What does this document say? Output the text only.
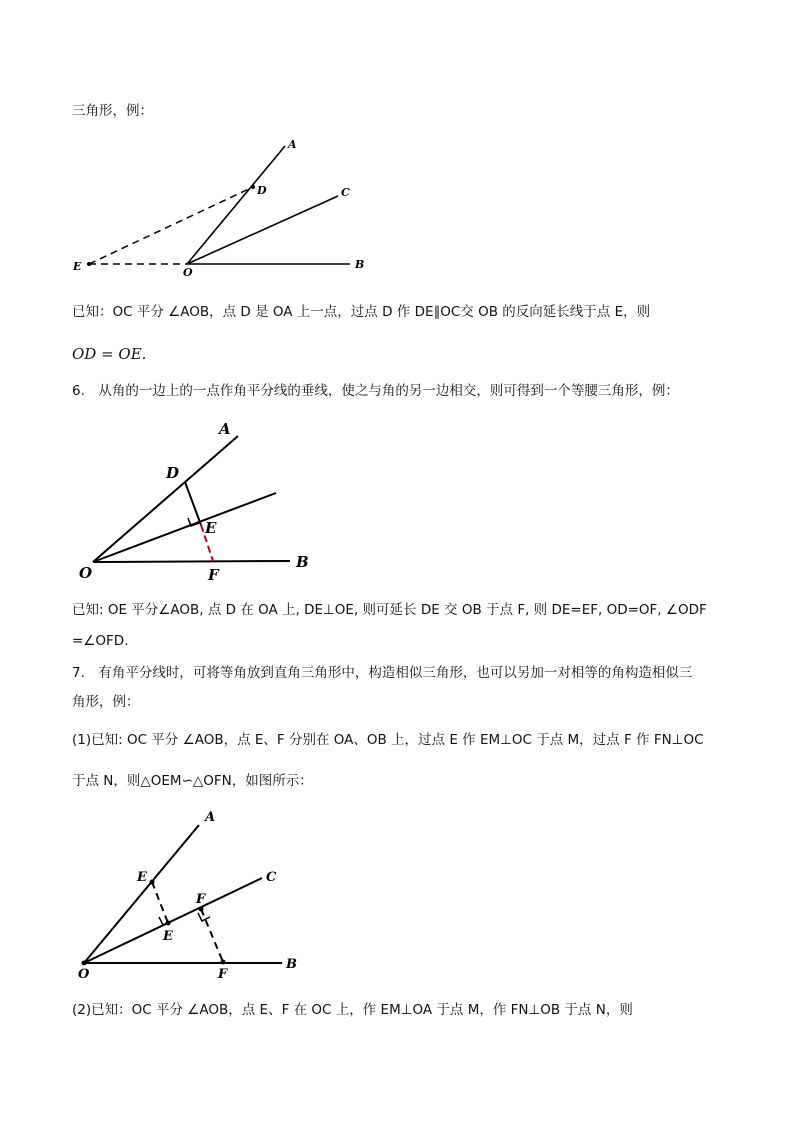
三角形，例：
A
C
D
B
E	O
已知：OC 平分 ∠AOB，点 D 是 OA 上一点，过点 D 作 DE∥OC交 OB 的反向延长线于点 E，则
OD = OE.
6.　从角的一边上的一点作角平分线的垂线，使之与角的另一边相交，则可得到一个等腰三角形，例：
A
D
E
B
O	F
已知: OE 平分∠AOB, 点 D 在 OA 上, DE⊥OE, 则可延长 DE 交 OB 于点 F, 则 DE=EF, OD=OF, ∠ODF
=∠OFD.
7.　有角平分线时，可将等角放到直角三角形中，构造相似三角形，也可以另加一对相等的角构造相似三
角形，例：
(1)已知: OC 平分 ∠AOB，点 E、F 分别在 OA、OB 上，过点 E 作 EM⊥OC 于点 M，过点 F 作 FN⊥OC
于点 N，则△OEM∽△OFN，如图所示：
A
E
F
C
E
B
O	F
(2)已知：OC 平分 ∠AOB，点 E、F 在 OC 上，作 EM⊥OA 于点 M，作 FN⊥OB 于点 N，则
